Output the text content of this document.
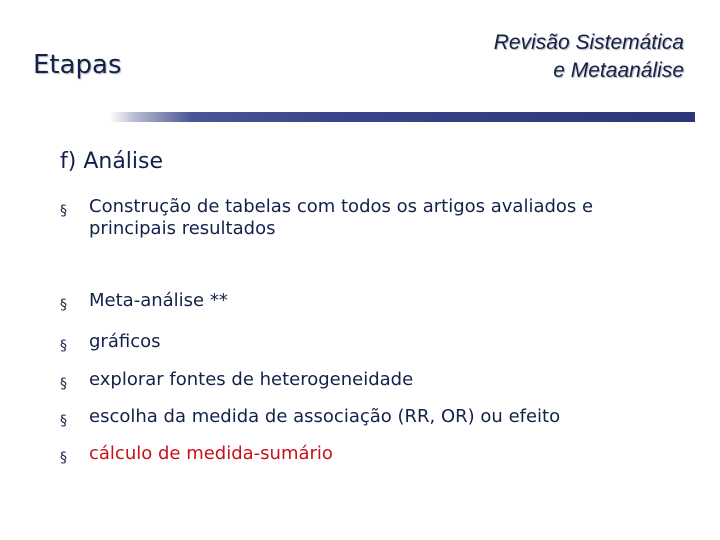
Etapas
Revisão Sistemática
e Metaanálise
f) Análise
§ Construção de tabelas com todos os artigos avaliados e principais resultados
§ Meta-análise **
§ gráficos
§ explorar fontes de heterogeneidade
§ escolha da medida de associação (RR, OR) ou efeito
§ cálculo de medida-sumário
